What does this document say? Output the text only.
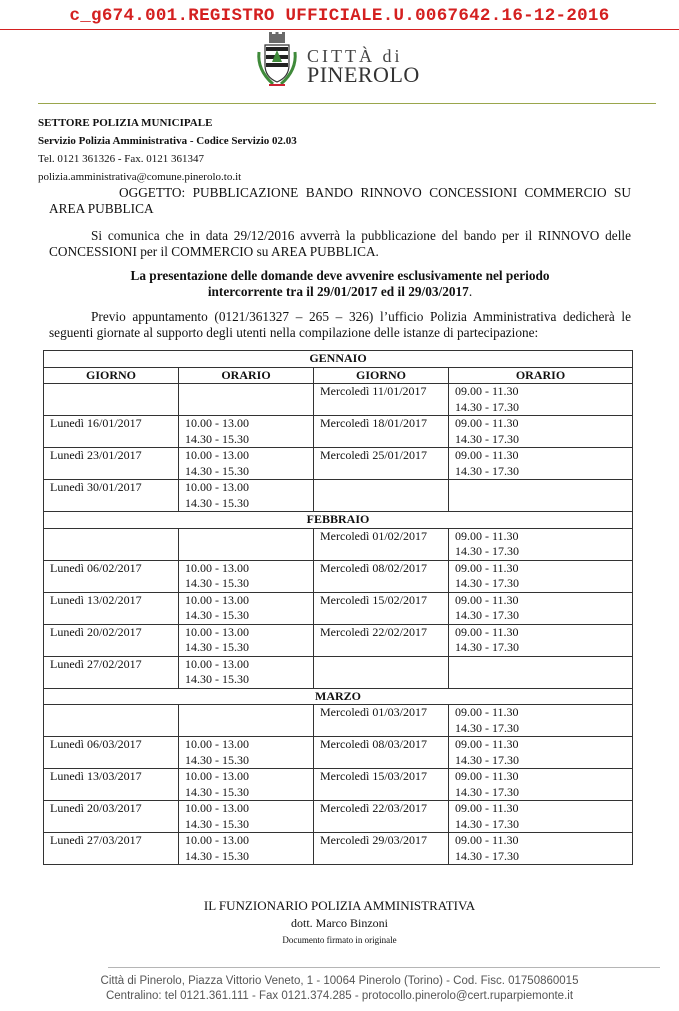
c_g674.001.REGISTRO UFFICIALE.U.0067642.16-12-2016
CITTÀ di
PINEROLO
SETTORE POLIZIA MUNICIPALE
Servizio Polizia Amministrativa - Codice Servizio 02.03
Tel. 0121 361326 - Fax. 0121 361347
polizia.amministrativa@comune.pinerolo.to.it
OGGETTO: PUBBLICAZIONE BANDO RINNOVO CONCESSIONI COMMERCIO SU AREA PUBBLICA
Si comunica che in data 29/12/2016 avverrà la pubblicazione del bando per il RINNOVO delle CONCESSIONI per il COMMERCIO su AREA PUBBLICA.
La presentazione delle domande deve avvenire esclusivamente nel periodo
intercorrente tra il 29/01/2017 ed il 29/03/2017.
Previo appuntamento (0121/361327 – 265 – 326) l’ufficio Polizia Amministrativa dedicherà le seguenti giornate al supporto degli utenti nella compilazione delle istanze di partecipazione:
GENNAIO			
GIORNO	ORARIO	GIORNO	ORARIO
		Mercoledì 11/01/2017	09.00 - 11.30
14.30 - 17.30
Lunedì 16/01/2017	10.00 - 13.00
14.30 - 15.30	Mercoledì 18/01/2017	09.00 - 11.30
14.30 - 17.30
Lunedì 23/01/2017	10.00 - 13.00
14.30 - 15.30	Mercoledì 25/01/2017	09.00 - 11.30
14.30 - 17.30
Lunedì 30/01/2017	10.00 - 13.00
14.30 - 15.30		
FEBBRAIO			
		Mercoledì 01/02/2017	09.00 - 11.30
14.30 - 17.30
Lunedì 06/02/2017	10.00 - 13.00
14.30 - 15.30	Mercoledì 08/02/2017	09.00 - 11.30
14.30 - 17.30
Lunedì 13/02/2017	10.00 - 13.00
14.30 - 15.30	Mercoledì 15/02/2017	09.00 - 11.30
14.30 - 17.30
Lunedì 20/02/2017	10.00 - 13.00
14.30 - 15.30	Mercoledì 22/02/2017	09.00 - 11.30
14.30 - 17.30
Lunedì 27/02/2017	10.00 - 13.00
14.30 - 15.30		
MARZO			
		Mercoledì 01/03/2017	09.00 - 11.30
14.30 - 17.30
Lunedì 06/03/2017	10.00 - 13.00
14.30 - 15.30	Mercoledì 08/03/2017	09.00 - 11.30
14.30 - 17.30
Lunedì 13/03/2017	10.00 - 13.00
14.30 - 15.30	Mercoledì 15/03/2017	09.00 - 11.30
14.30 - 17.30
Lunedì 20/03/2017	10.00 - 13.00
14.30 - 15.30	Mercoledì 22/03/2017	09.00 - 11.30
14.30 - 17.30
Lunedì 27/03/2017	10.00 - 13.00
14.30 - 15.30	Mercoledì 29/03/2017	09.00 - 11.30
14.30 - 17.30
IL FUNZIONARIO POLIZIA AMMINISTRATIVA
dott. Marco Binzoni
Documento firmato in originale
Città di Pinerolo, Piazza Vittorio Veneto, 1 - 10064 Pinerolo (Torino) - Cod. Fisc. 01750860015
Centralino: tel 0121.361.111 - Fax 0121.374.285 - protocollo.pinerolo@cert.ruparpiemonte.it
